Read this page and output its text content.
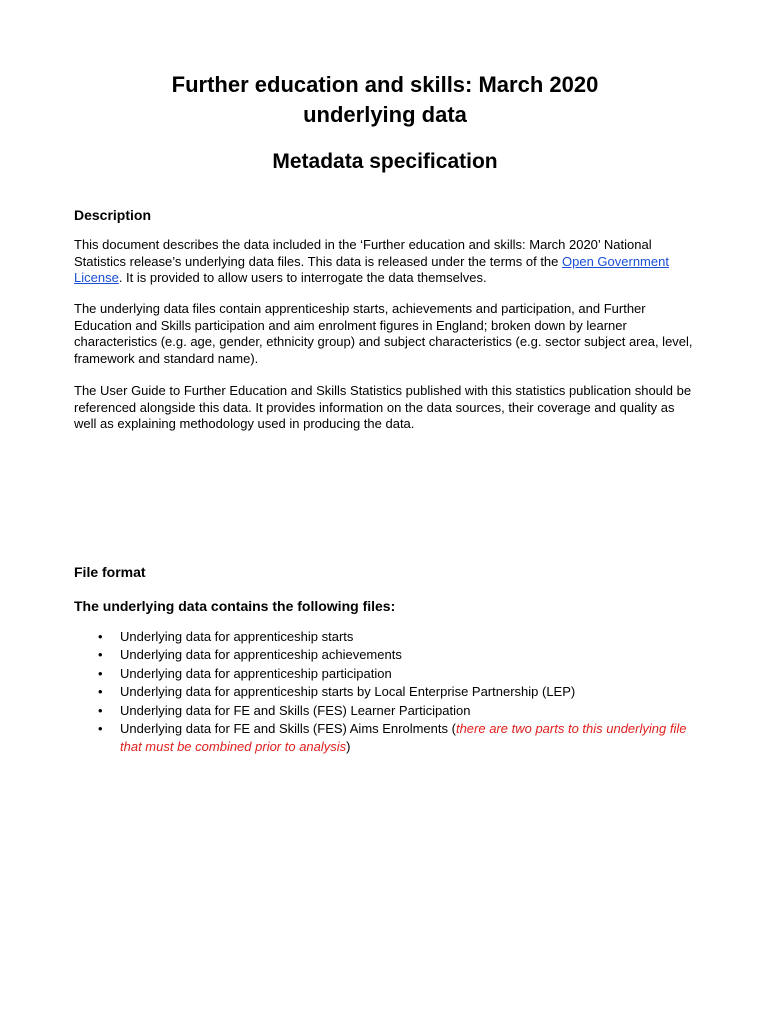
Further education and skills: March 2020
underlying data
Metadata specification
Description
This document describes the data included in the ‘Further education and skills: March 2020’ National Statistics release’s underlying data files. This data is released under the terms of the Open Government License. It is provided to allow users to interrogate the data themselves.
The underlying data files contain apprenticeship starts, achievements and participation, and Further Education and Skills participation and aim enrolment figures in England; broken down by learner characteristics (e.g. age, gender, ethnicity group) and subject characteristics (e.g. sector subject area, level, framework and standard name).
The User Guide to Further Education and Skills Statistics published with this statistics publication should be referenced alongside this data. It provides information on the data sources, their coverage and quality as well as explaining methodology used in producing the data.
File format
The underlying data contains the following files:
• Underlying data for apprenticeship starts
• Underlying data for apprenticeship achievements
• Underlying data for apprenticeship participation
• Underlying data for apprenticeship starts by Local Enterprise Partnership (LEP)
• Underlying data for FE and Skills (FES) Learner Participation
• Underlying data for FE and Skills (FES) Aims Enrolments (there are two parts to this underlying file that must be combined prior to analysis)
